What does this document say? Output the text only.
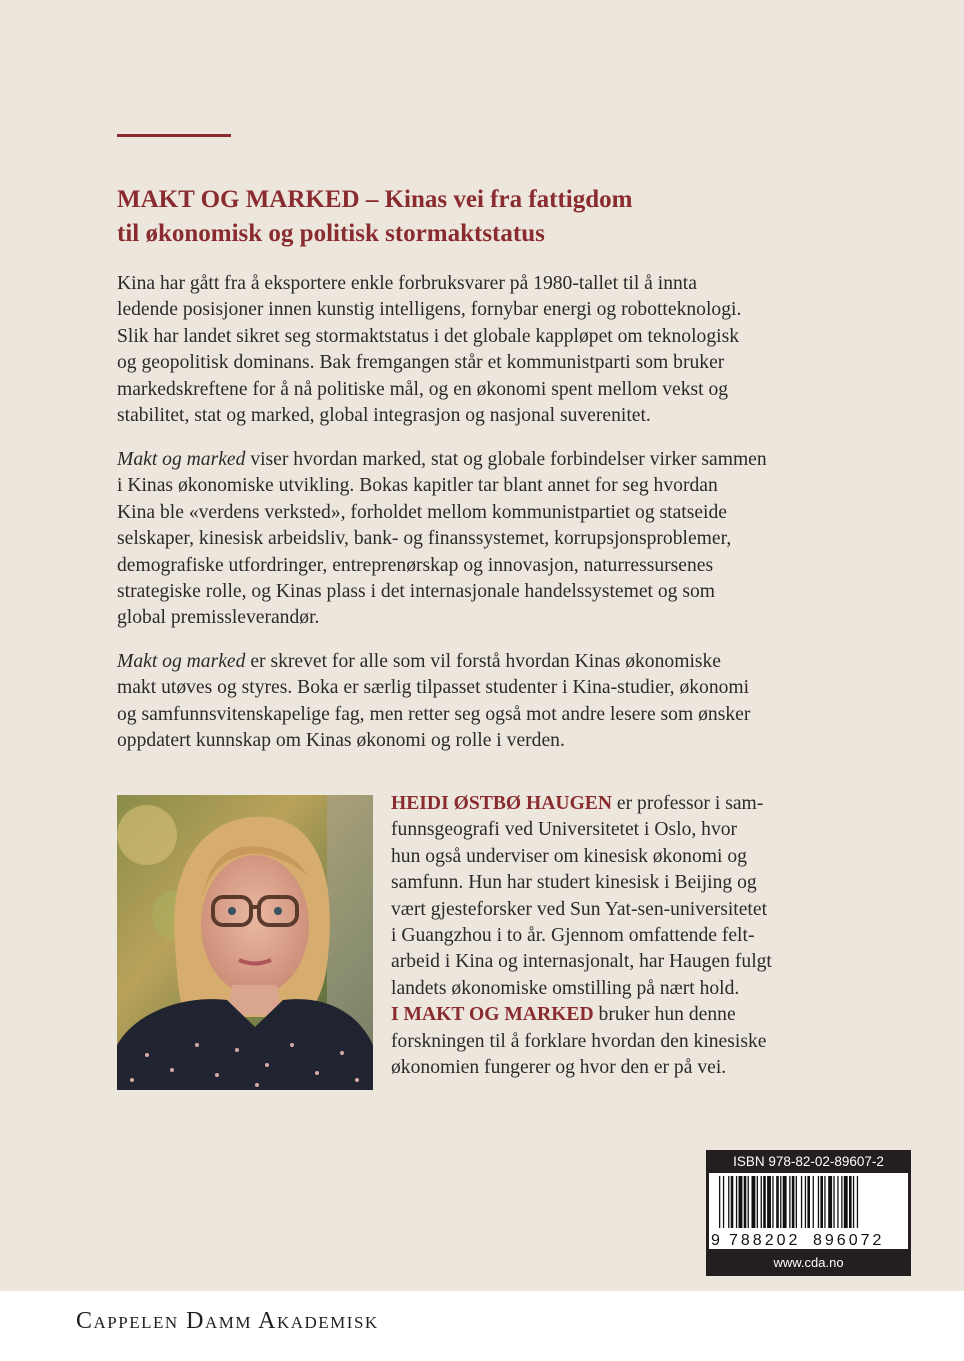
MAKT OG MARKED – Kinas vei fra fattigdom
til økonomisk og politisk stormaktstatus

Kina har gått fra å eksportere enkle forbruksvarer på 1980-tallet til å innta
ledende posisjoner innen kunstig intelligens, fornybar energi og robotteknologi.
Slik har landet sikret seg stormaktstatus i det globale kappløpet om teknologisk
og geopolitisk dominans. Bak fremgangen står et kommunistparti som bruker
markedskreftene for å nå politiske mål, og en økonomi spent mellom vekst og
stabilitet, stat og marked, global integrasjon og nasjonal suverenitet.

Makt og marked viser hvordan marked, stat og globale forbindelser virker sammen
i Kinas økonomiske utvikling. Bokas kapitler tar blant annet for seg hvordan
Kina ble «verdens verksted», forholdet mellom kommunistpartiet og statseide
selskaper, kinesisk arbeidsliv, bank- og finanssystemet, korrupsjonsproblemer,
demografiske utfordringer, entreprenørskap og innovasjon, naturressursenes
strategiske rolle, og Kinas plass i det internasjonale handelssystemet og som
global premissleverandør.

Makt og marked er skrevet for alle som vil forstå hvordan Kinas økonomiske
makt utøves og styres. Boka er særlig tilpasset studenter i Kina-studier, økonomi
og samfunnsvitenskapelige fag, men retter seg også mot andre lesere som ønsker
oppdatert kunnskap om Kinas økonomi og rolle i verden.

HEIDI ØSTBØ HAUGEN er professor i sam-
funnsgeografi ved Universitetet i Oslo, hvor
hun også underviser om kinesisk økonomi og
samfunn. Hun har studert kinesisk i Beijing og
vært gjesteforsker ved Sun Yat-sen-universitetet
i Guangzhou i to år. Gjennom omfattende felt-
arbeid i Kina og internasjonalt, har Haugen fulgt
landets økonomiske omstilling på nært hold.
I MAKT OG MARKED bruker hun denne
forskningen til å forklare hvordan den kinesiske
økonomien fungerer og hvor den er på vei.

ISBN 978-82-02-89607-2
9 788202 896072
www.cda.no
Cappelen Damm Akademisk
